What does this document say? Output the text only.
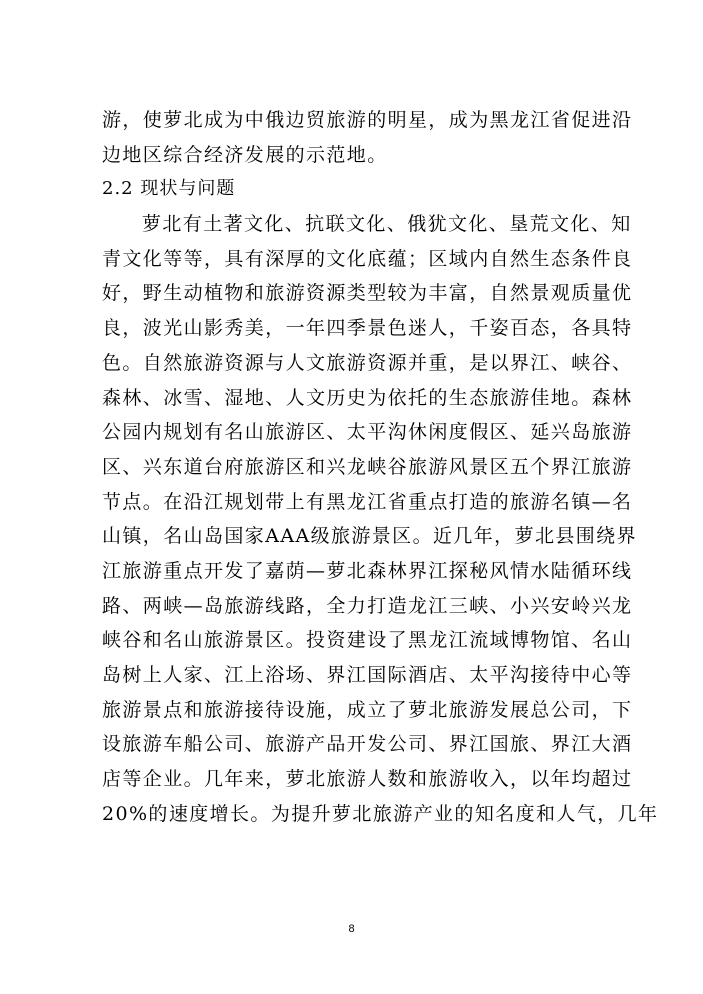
游，使萝北成为中俄边贸旅游的明星，成为黑龙江省促进沿
边地区综合经济发展的示范地。
2.2 现状与问题
萝北有土著文化、抗联文化、俄犹文化、垦荒文化、知
青文化等等，具有深厚的文化底蕴；区域内自然生态条件良
好，野生动植物和旅游资源类型较为丰富，自然景观质量优
良，波光山影秀美，一年四季景色迷人，千姿百态，各具特
色。自然旅游资源与人文旅游资源并重，是以界江、峡谷、
森林、冰雪、湿地、人文历史为依托的生态旅游佳地。森林
公园内规划有名山旅游区、太平沟休闲度假区、延兴岛旅游
区、兴东道台府旅游区和兴龙峡谷旅游风景区五个界江旅游
节点。在沿江规划带上有黑龙江省重点打造的旅游名镇—名
山镇，名山岛国家AAA级旅游景区。近几年，萝北县围绕界
江旅游重点开发了嘉荫—萝北森林界江探秘风情水陆循环线
路、两峡—岛旅游线路，全力打造龙江三峡、小兴安岭兴龙
峡谷和名山旅游景区。投资建设了黑龙江流域博物馆、名山
岛树上人家、江上浴场、界江国际酒店、太平沟接待中心等
旅游景点和旅游接待设施，成立了萝北旅游发展总公司，下
设旅游车船公司、旅游产品开发公司、界江国旅、界江大酒
店等企业。几年来，萝北旅游人数和旅游收入，以年均超过
20%的速度增长。为提升萝北旅游产业的知名度和人气，几年
8
